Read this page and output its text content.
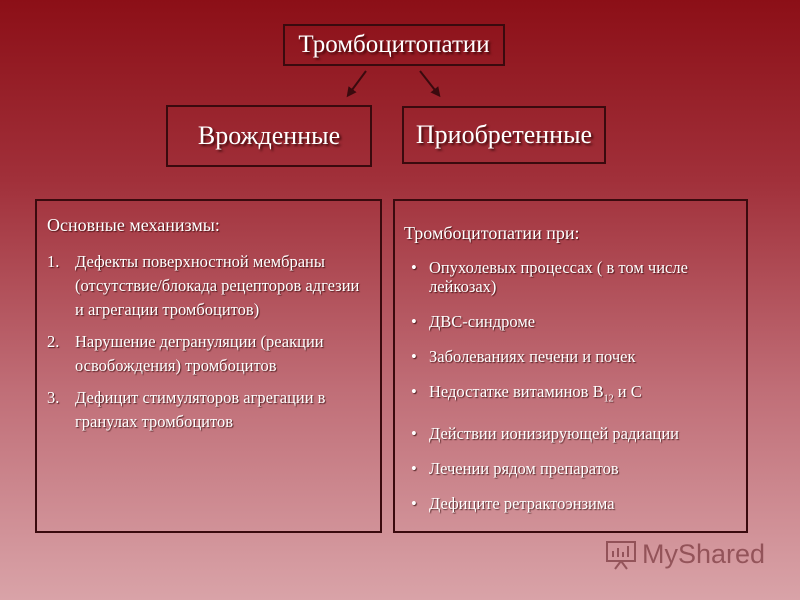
Тромбоцитопатии
Врожденные	Приобретенные
Основные механизмы:
1. Дефекты поверхностной мембраны (отсутствие/блокада рецепторов адгезии и агрегации тромбоцитов)
2. Нарушение дегрануляции (реакции освобождения) тромбоцитов
3. Дефицит стимуляторов агрегации в гранулах тромбоцитов
Тромбоцитопатии при:
• Опухолевых процессах ( в том числе лейкозах)
• ДВС-синдроме
• Заболеваниях печени и почек
• Недостатке витаминов $В_{12}$ и С
• Действии ионизирующей радиации
• Лечении рядом препаратов
• Дефиците ретрактоэнзима
MyShared
